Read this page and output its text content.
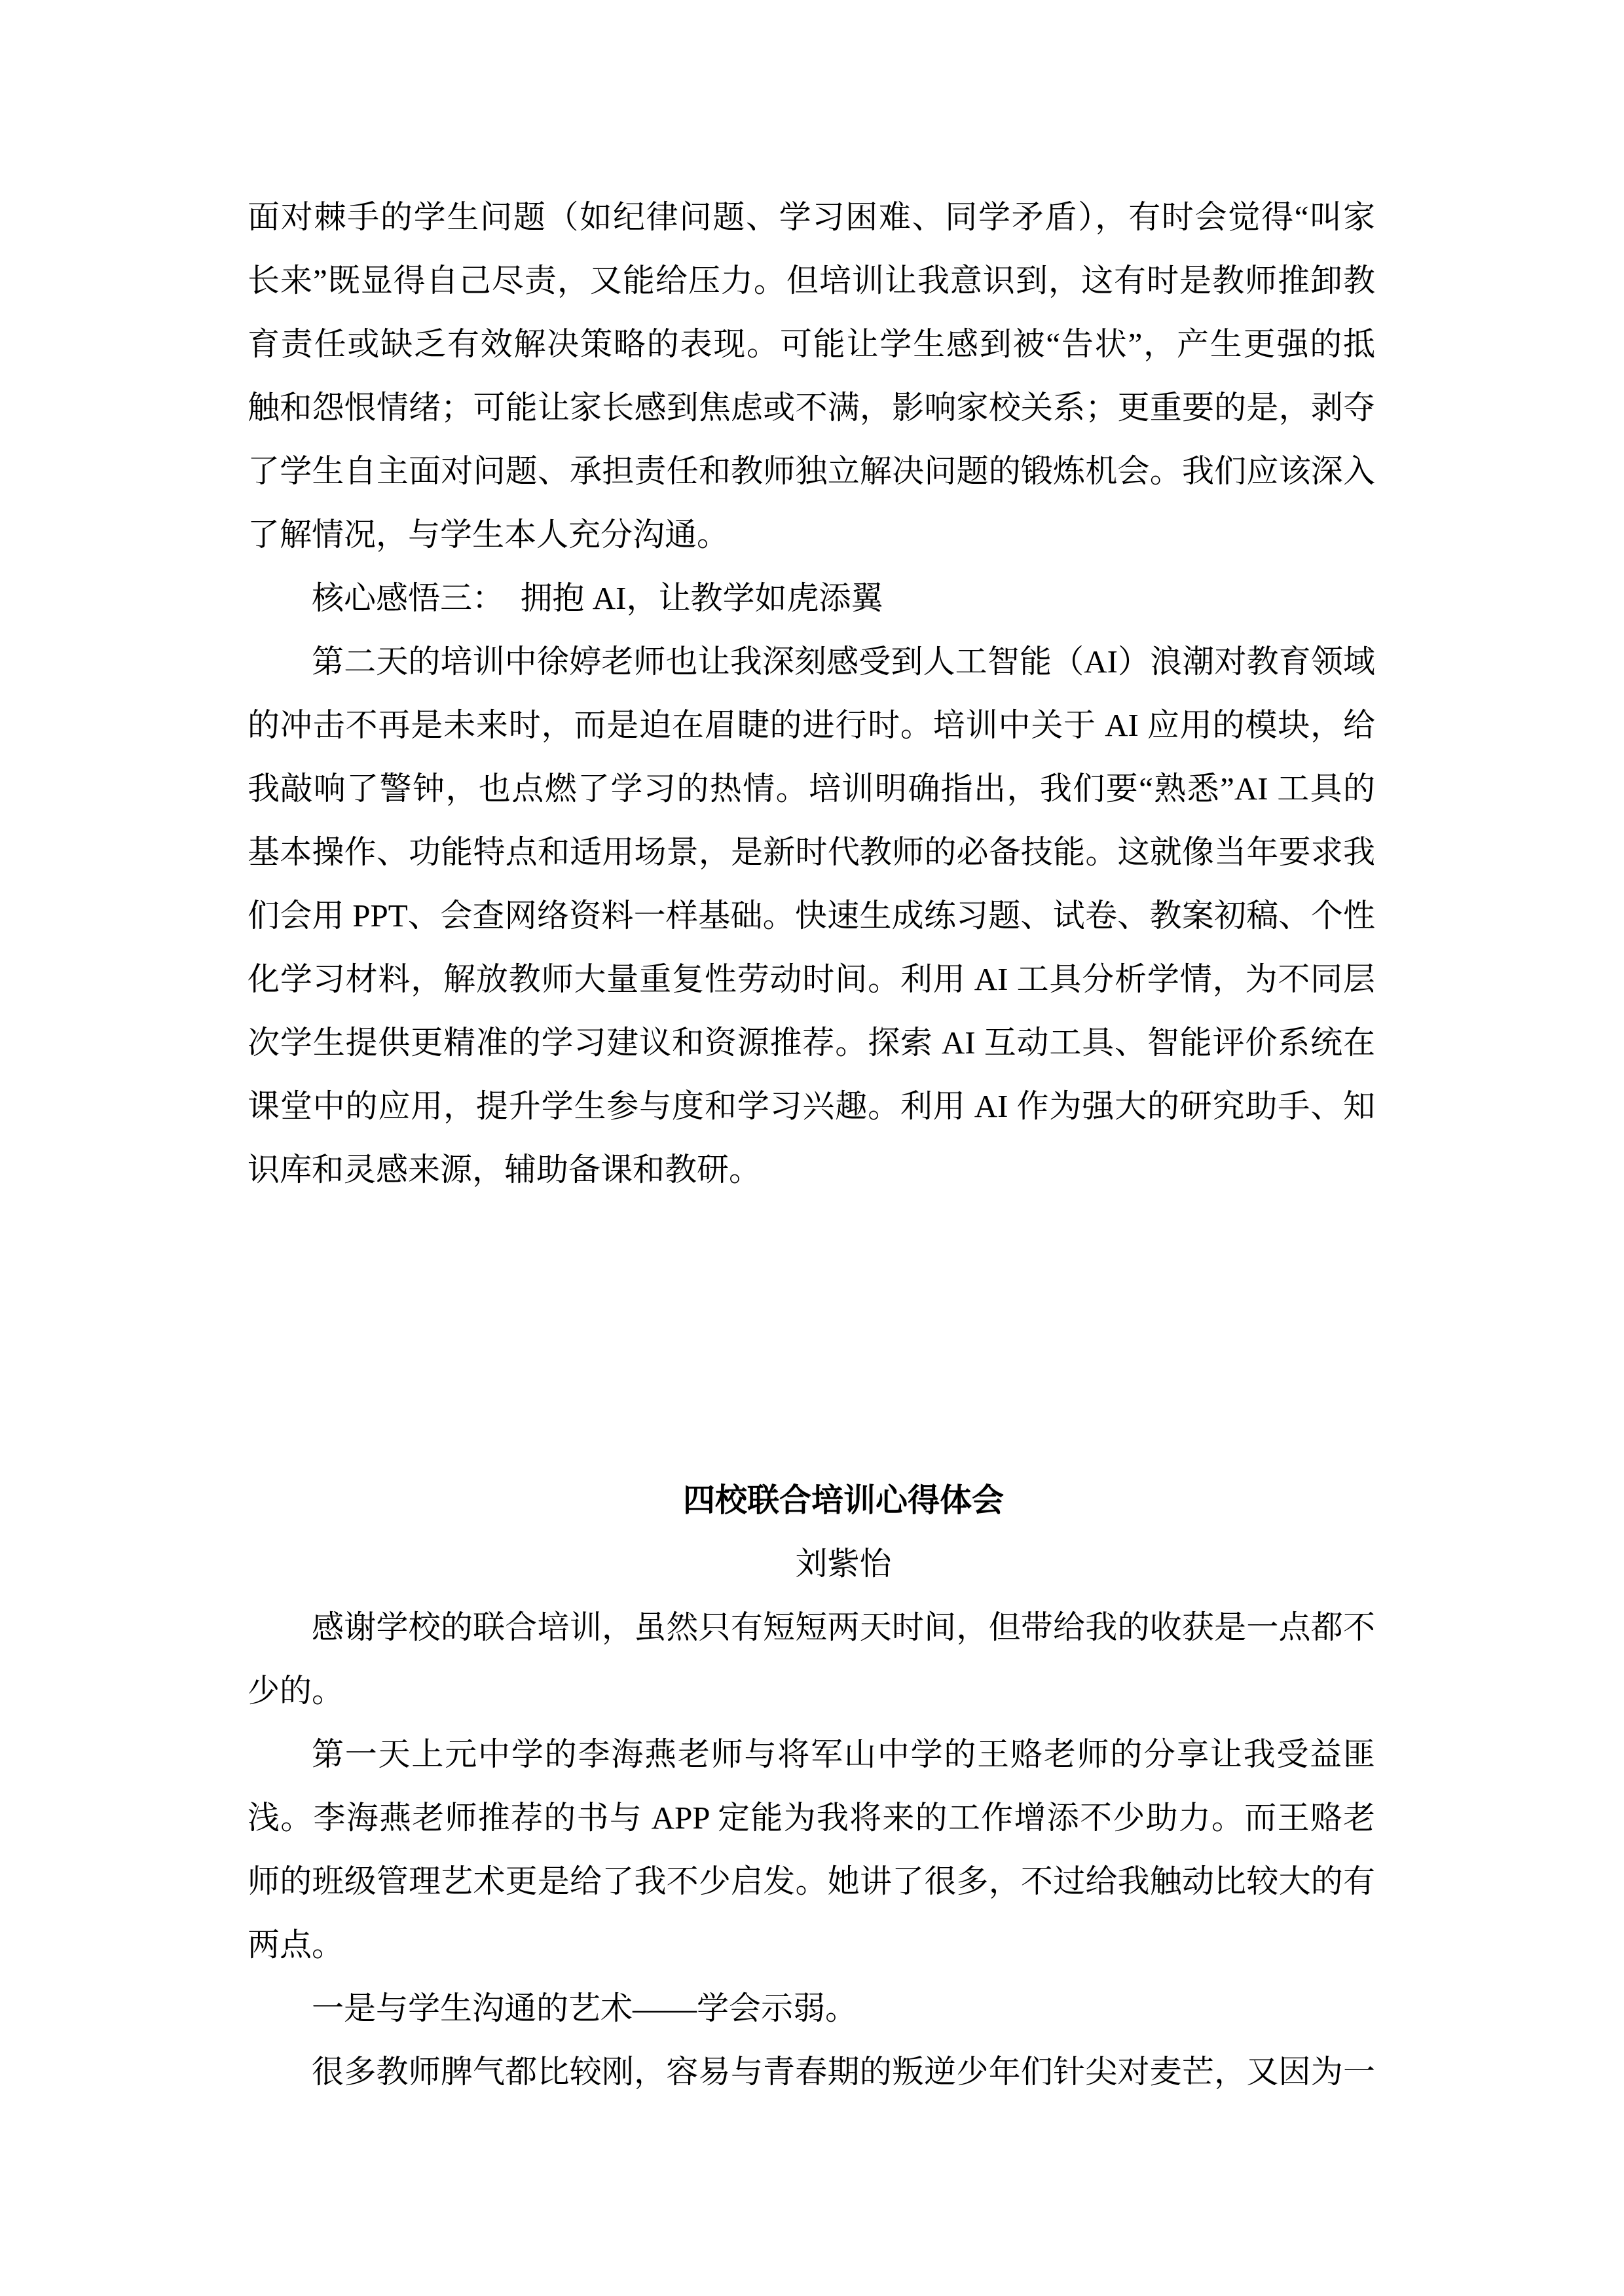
面对棘手的学生问题（如纪律问题、学习困难、同学矛盾），有时会觉得“叫家
长来”既显得自己尽责，又能给压力。但培训让我意识到，这有时是教师推卸教
育责任或缺乏有效解决策略的表现。可能让学生感到被“告状”，产生更强的抵
触和怨恨情绪；可能让家长感到焦虑或不满，影响家校关系；更重要的是，剥夺
了学生自主面对问题、承担责任和教师独立解决问题的锻炼机会。我们应该深入
了解情况，与学生本人充分沟通。
核心感悟三：　拥抱 AI，让教学如虎添翼
第二天的培训中徐婷老师也让我深刻感受到人工智能（AI）浪潮对教育领域
的冲击不再是未来时，而是迫在眉睫的进行时。培训中关于 AI 应用的模块，给
我敲响了警钟，也点燃了学习的热情。培训明确指出，我们要“熟悉”AI 工具的
基本操作、功能特点和适用场景，是新时代教师的必备技能。这就像当年要求我
们会用 PPT、会查网络资料一样基础。快速生成练习题、试卷、教案初稿、个性
化学习材料，解放教师大量重复性劳动时间。利用 AI 工具分析学情，为不同层
次学生提供更精准的学习建议和资源推荐。探索 AI 互动工具、智能评价系统在
课堂中的应用，提升学生参与度和学习兴趣。利用 AI 作为强大的研究助手、知
识库和灵感来源，辅助备课和教研。
四校联合培训心得体会
刘紫怡
感谢学校的联合培训，虽然只有短短两天时间，但带给我的收获是一点都不
少的。
第一天上元中学的李海燕老师与将军山中学的王赂老师的分享让我受益匪
浅。李海燕老师推荐的书与 APP 定能为我将来的工作增添不少助力。而王赂老
师的班级管理艺术更是给了我不少启发。她讲了很多，不过给我触动比较大的有
两点。
一是与学生沟通的艺术——学会示弱。
很多教师脾气都比较刚，容易与青春期的叛逆少年们针尖对麦芒，又因为一
